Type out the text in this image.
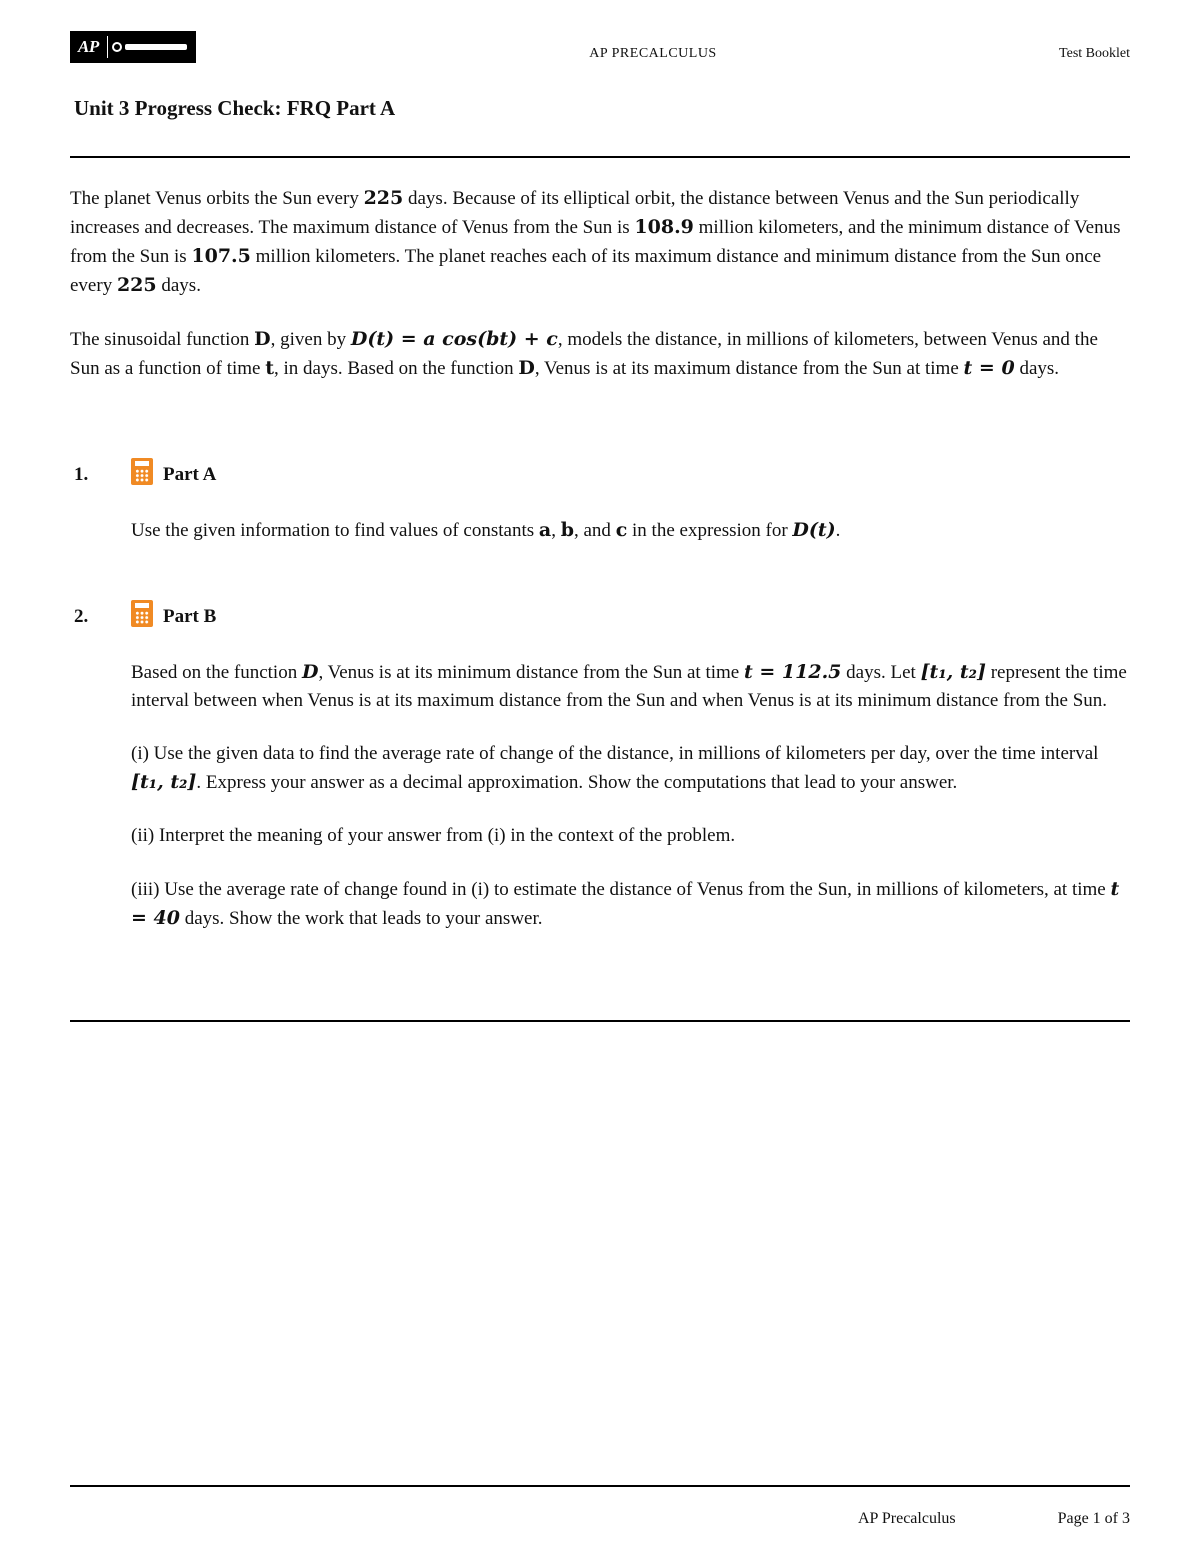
AP	AP PRECALCULUS	Test Booklet
Unit 3 Progress Check: FRQ Part A

The planet Venus orbits the Sun every 225 days. Because of its elliptical orbit, the distance between Venus and the Sun periodically increases and decreases. The maximum distance of Venus from the Sun is 108.9 million kilometers, and the minimum distance of Venus from the Sun is 107.5 million kilometers. The planet reaches each of its maximum distance and minimum distance from the Sun once every 225 days.

The sinusoidal function D, given by D(t) = a cos(bt) + c, models the distance, in millions of kilometers, between Venus and the Sun as a function of time t, in days. Based on the function D, Venus is at its maximum distance from the Sun at time t = 0 days.

1.	Part A

Use the given information to find values of constants a, b, and c in the expression for D(t).

2.	Part B

Based on the function D, Venus is at its minimum distance from the Sun at time t = 112.5 days. Let [t₁, t₂] represent the time interval between when Venus is at its maximum distance from the Sun and when Venus is at its minimum distance from the Sun.

(i) Use the given data to find the average rate of change of the distance, in millions of kilometers per day, over the time interval [t₁, t₂]. Express your answer as a decimal approximation. Show the computations that lead to your answer.

(ii) Interpret the meaning of your answer from (i) in the context of the problem.

(iii) Use the average rate of change found in (i) to estimate the distance of Venus from the Sun, in millions of kilometers, at time t = 40 days. Show the work that leads to your answer.

AP Precalculus	Page 1 of 3
